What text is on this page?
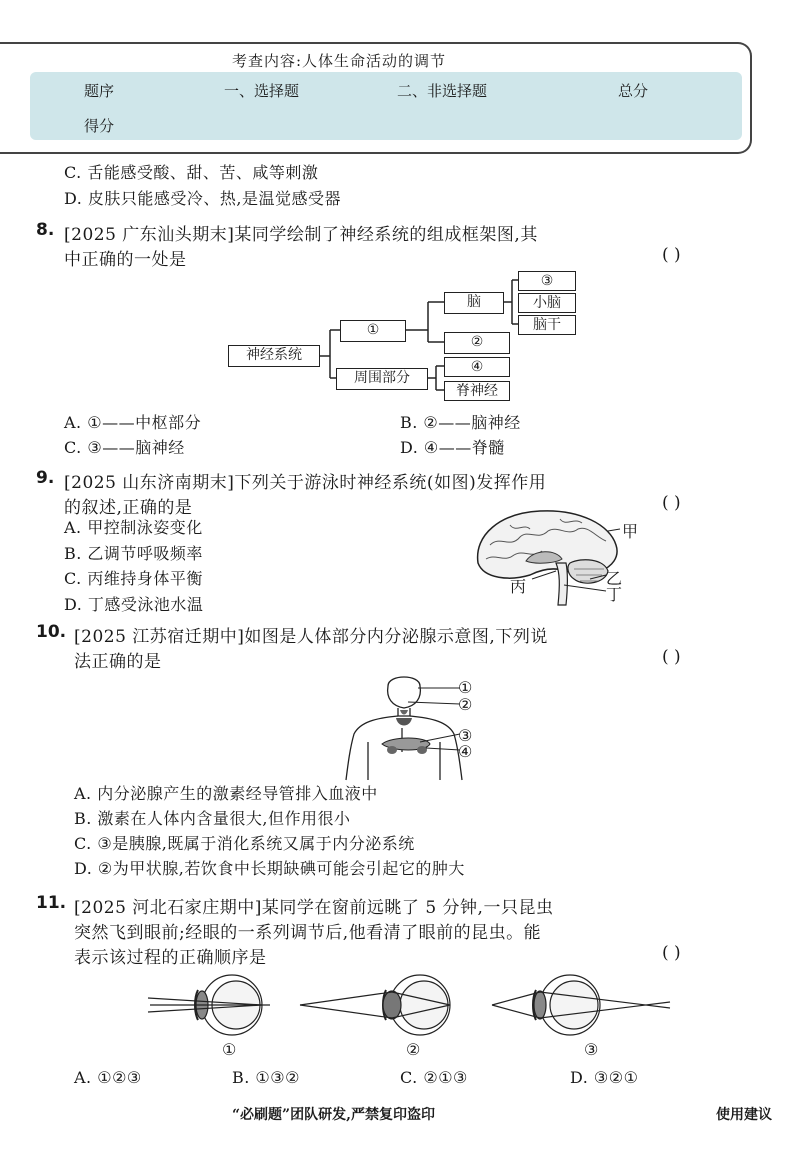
考查内容:人体生命活动的调节
题序	一、选择题	二、非选择题	总分
得分
C. 舌能感受酸、甜、苦、咸等刺激
D. 皮肤只能感受冷、热,是温觉感受器
8. [2025 广东汕头期末]某同学绘制了神经系统的组成框架图,其
中正确的一处是	( )
神经系统
①
脑
③
小脑
脑干
②
周围部分
④
脊神经
A. ①——中枢部分	B. ②——脑神经
C. ③——脑神经	D. ④——脊髓
9. [2025 山东济南期末]下列关于游泳时神经系统(如图)发挥作用
的叙述,正确的是	( )
A. 甲控制泳姿变化
B. 乙调节呼吸频率
C. 丙维持身体平衡
D. 丁感受泳池水温
甲
乙
丁
丙
10. [2025 江苏宿迁期中]如图是人体部分内分泌腺示意图,下列说
法正确的是	( )
①
②
③
④
A. 内分泌腺产生的激素经导管排入血液中
B. 激素在人体内含量很大,但作用很小
C. ③是胰腺,既属于消化系统又属于内分泌系统
D. ②为甲状腺,若饮食中长期缺碘可能会引起它的肿大
11. [2025 河北石家庄期中]某同学在窗前远眺了 5 分钟,一只昆虫
突然飞到眼前;经眼的一系列调节后,他看清了眼前的昆虫。能
表示该过程的正确顺序是	( )
①	②	③
A. ①②③	B. ①③②	C. ②①③	D. ③②①
“必刷题”团队研发,严禁复印盗印	使用建议
